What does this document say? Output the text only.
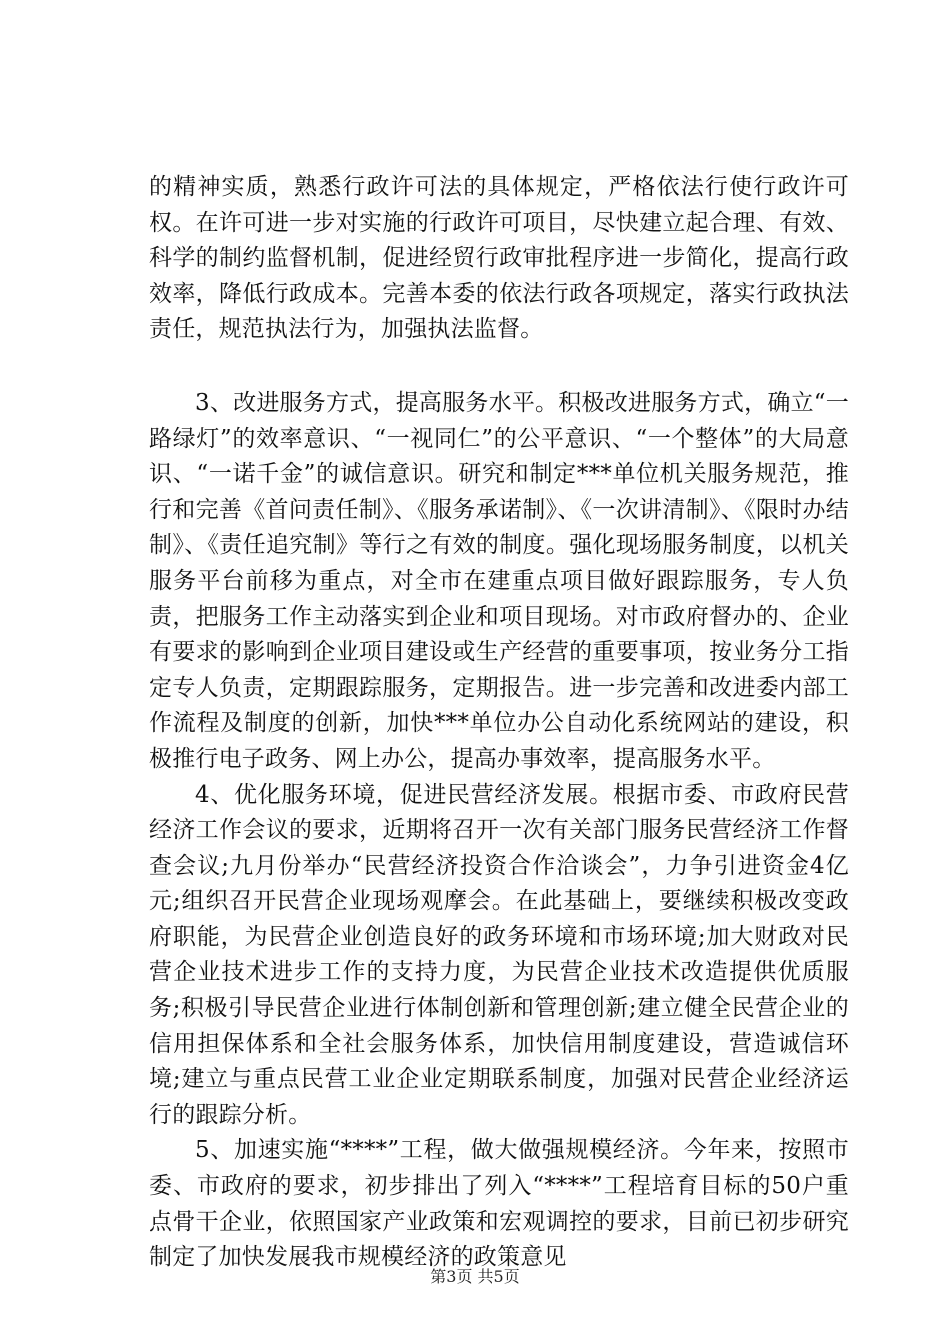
的精神实质，熟悉行政许可法的具体规定，严格依法行使行政许可权。在许可进一步对实施的行政许可项目，尽快建立起合理、有效、科学的制约监督机制，促进经贸行政审批程序进一步简化，提高行政效率，降低行政成本。完善本委的依法行政各项规定，落实行政执法责任，规范执法行为，加强执法监督。

3、改进服务方式，提高服务水平。积极改进服务方式，确立“一路绿灯”的效率意识、“一视同仁”的公平意识、“一个整体”的大局意识、“一诺千金”的诚信意识。研究和制定***单位机关服务规范，推行和完善《首问责任制》、《服务承诺制》、《一次讲清制》、《限时办结制》、《责任追究制》等行之有效的制度。强化现场服务制度，以机关服务平台前移为重点，对全市在建重点项目做好跟踪服务，专人负责，把服务工作主动落实到企业和项目现场。对市政府督办的、企业有要求的影响到企业项目建设或生产经营的重要事项，按业务分工指定专人负责，定期跟踪服务，定期报告。进一步完善和改进委内部工作流程及制度的创新，加快***单位办公自动化系统网站的建设，积极推行电子政务、网上办公，提高办事效率，提高服务水平。

4、优化服务环境，促进民营经济发展。根据市委、市政府民营经济工作会议的要求，近期将召开一次有关部门服务民营经济工作督查会议;九月份举办“民营经济投资合作洽谈会”，力争引进资金4亿元;组织召开民营企业现场观摩会。在此基础上，要继续积极改变政府职能，为民营企业创造良好的政务环境和市场环境;加大财政对民营企业技术进步工作的支持力度，为民营企业技术改造提供优质服务;积极引导民营企业进行体制创新和管理创新;建立健全民营企业的信用担保体系和全社会服务体系，加快信用制度建设，营造诚信环境;建立与重点民营工业企业定期联系制度，加强对民营企业经济运行的跟踪分析。

5、加速实施“****”工程，做大做强规模经济。今年来，按照市委、市政府的要求，初步排出了列入“****”工程培育目标的50户重点骨干企业，依照国家产业政策和宏观调控的要求，目前已初步研究制定了加快发展我市规模经济的政策意见

第3页 共5页
